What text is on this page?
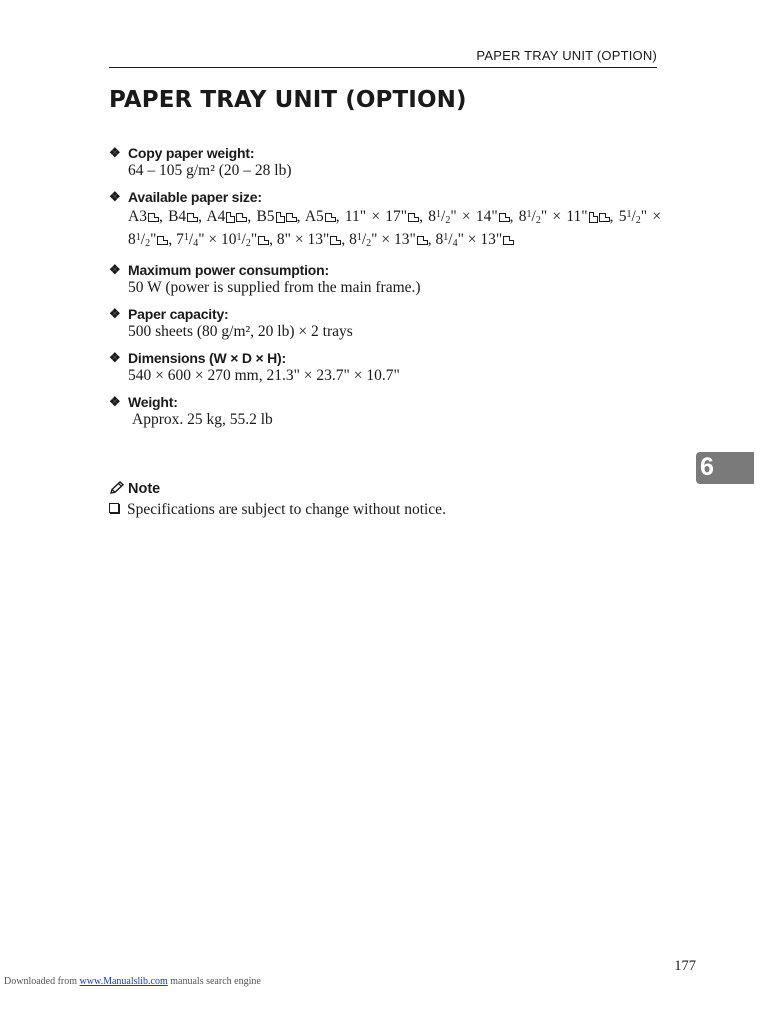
PAPER TRAY UNIT (OPTION)
PAPER TRAY UNIT (OPTION)
❖ Copy paper weight:
64 – 105 g/m² (20 – 28 lb)
❖ Available paper size:
A3 , B4 , A4 , B5 , A5 , 11" × 17" , $8^1/_2$" × 14" , $8^1/_2$" × 11" , $5^1/_2$" × $8^1/_2$" , $7^1/_4$" × $10^1/_2$" , 8" × 13" , $8^1/_2$" × 13" , $8^1/_4$" × 13"
❖ Maximum power consumption:
50 W (power is supplied from the main frame.)
❖ Paper capacity:
500 sheets (80 g/m², 20 lb) × 2 trays
❖ Dimensions (W × D × H):
540 × 600 × 270 mm, 21.3" × 23.7" × 10.7"
❖ Weight:
Approx. 25 kg, 55.2 lb
Note
Specifications are subject to change without notice.
6
177
Downloaded from www.Manualslib.com manuals search engine
